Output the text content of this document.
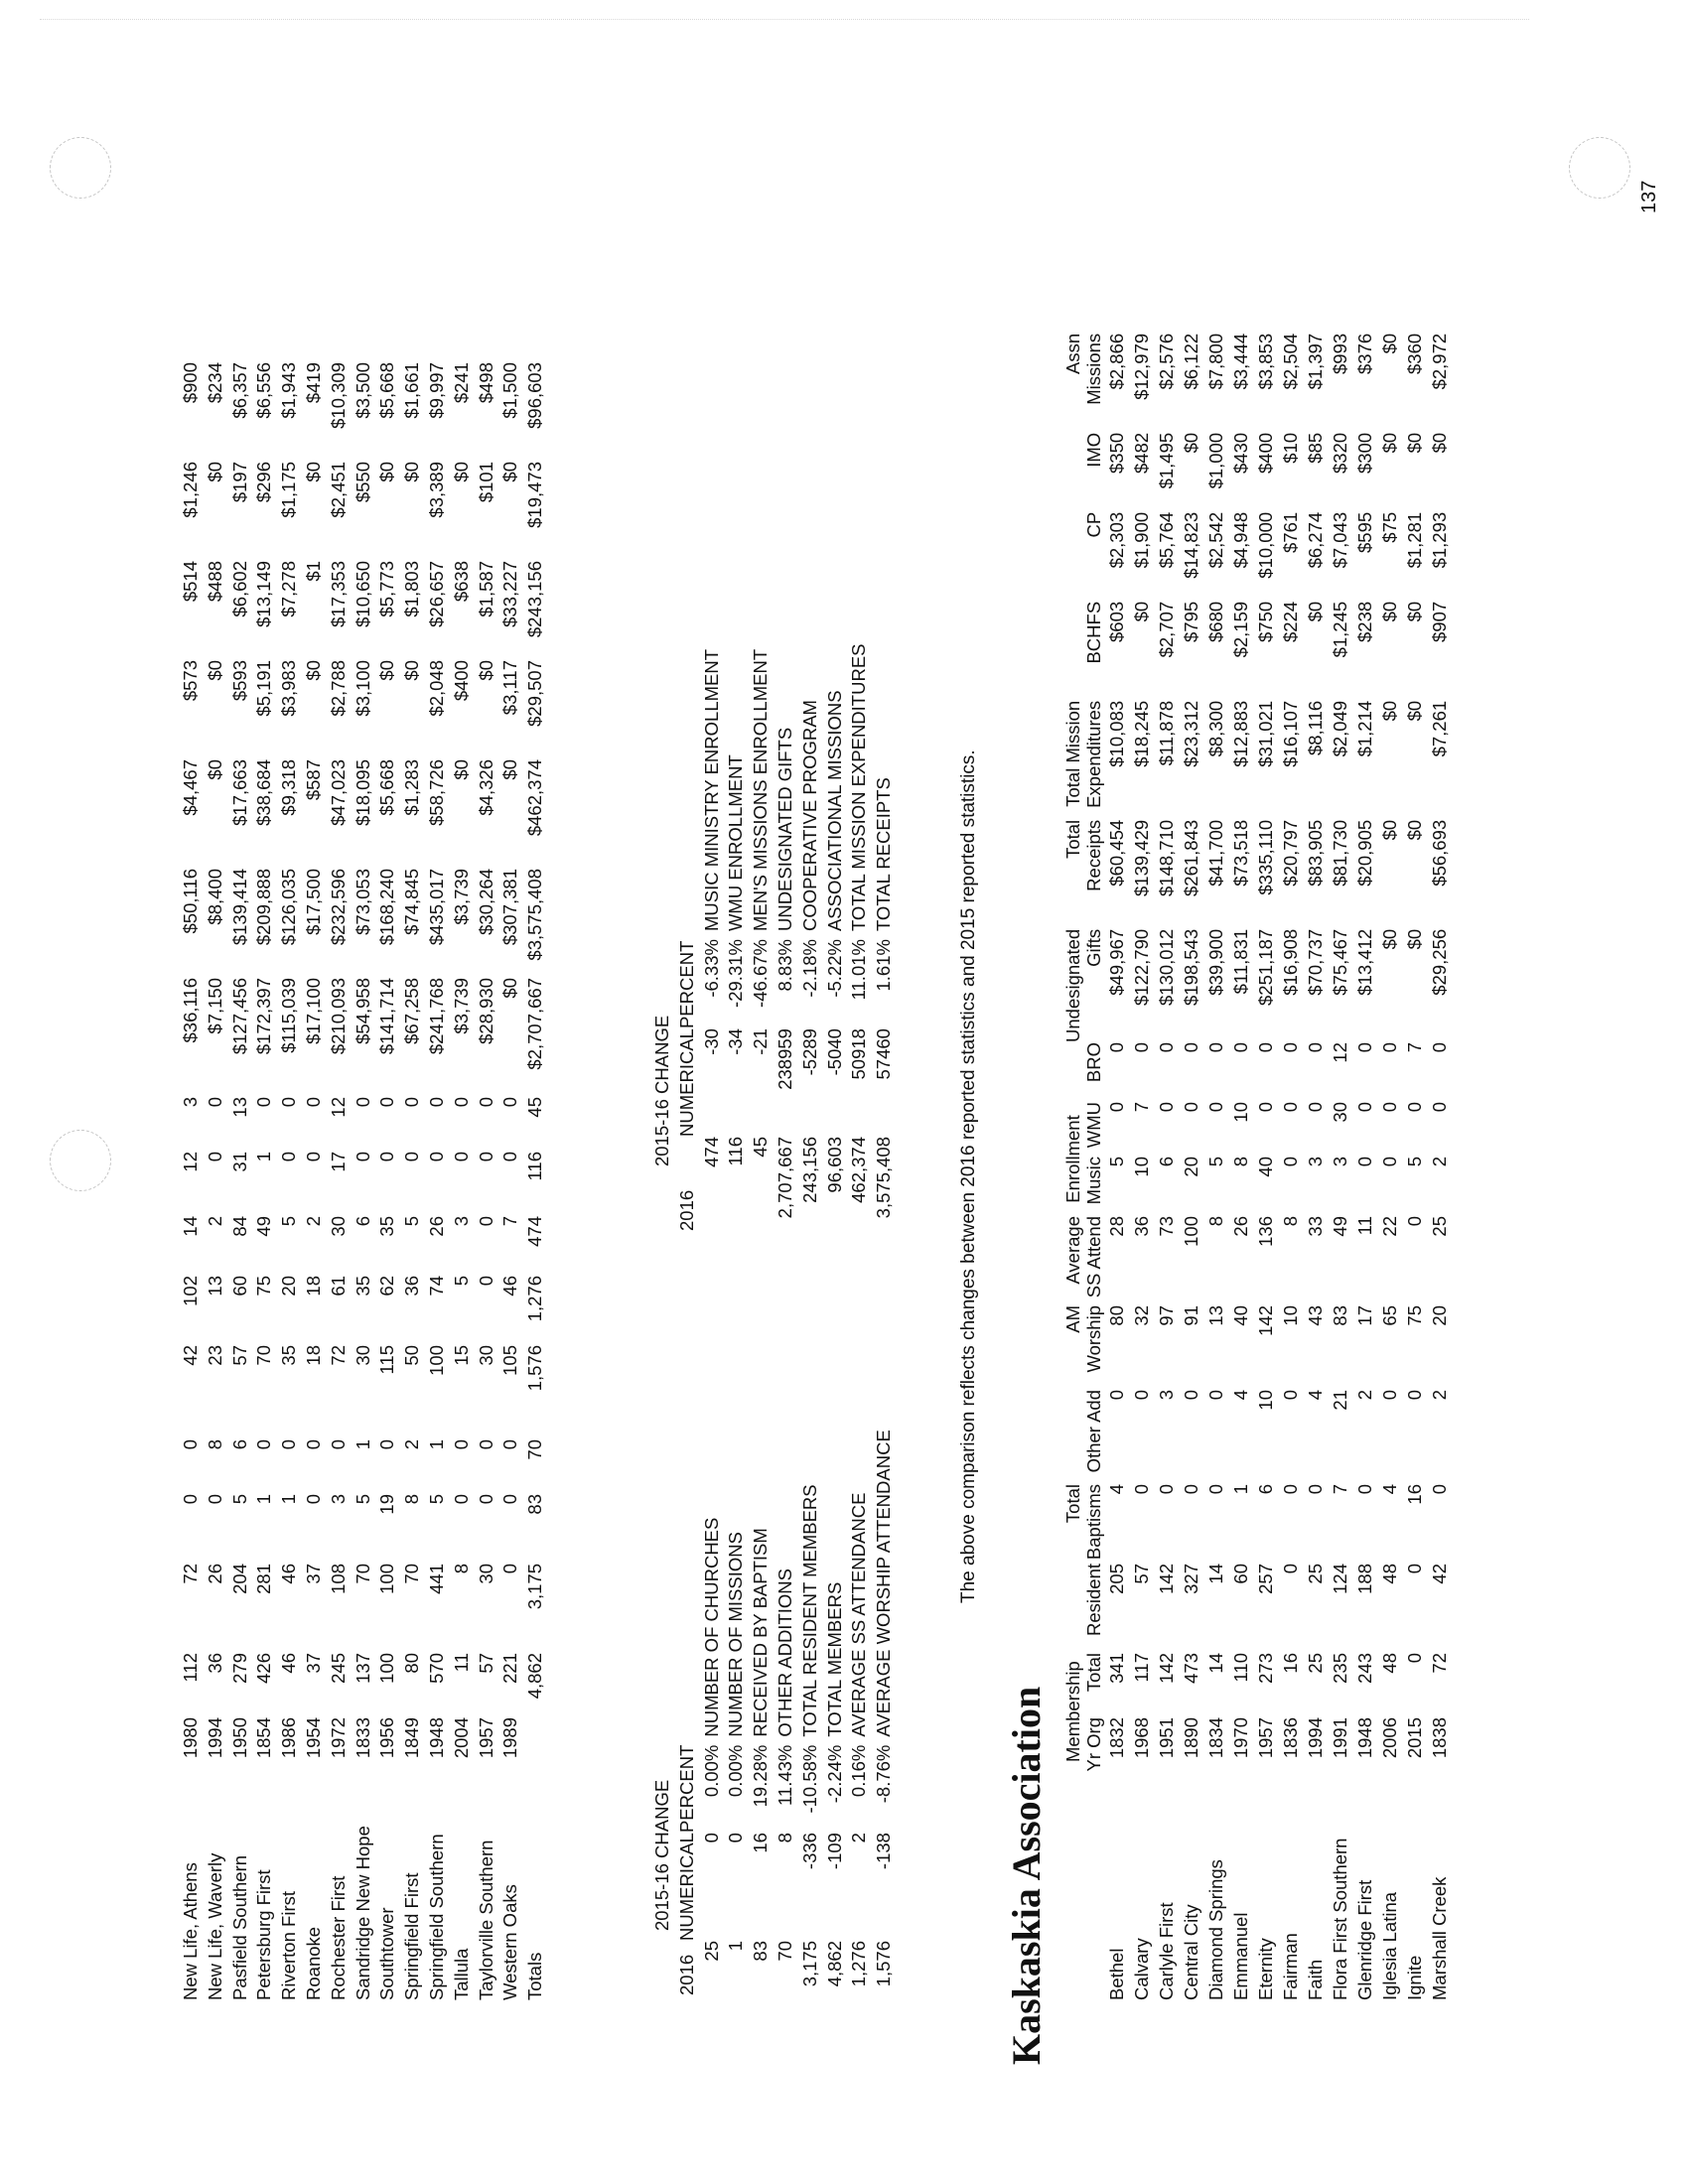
137
New Life, Athens	1980	112	72	0	0	42	102	14	12	3	$36,116	$50,116	$4,467	$573	$514	$1,246	$900
New Life, Waverly	1994	36	26	0	8	23	13	2	0	0	$7,150	$8,400	$0	$0	$488	$0	$234
Pasfield Southern	1950	279	204	5	6	57	60	84	31	13	$127,456	$139,414	$17,663	$593	$6,602	$197	$6,357
Petersburg First	1854	426	281	1	0	70	75	49	1	0	$172,397	$209,888	$38,684	$5,191	$13,149	$296	$6,556
Riverton First	1986	46	46	1	0	35	20	5	0	0	$115,039	$126,035	$9,318	$3,983	$7,278	$1,175	$1,943
Roanoke	1954	37	37	0	0	18	18	2	0	0	$17,100	$17,500	$587	$0	$1	$0	$419
Rochester First	1972	245	108	3	0	72	61	30	17	12	$210,093	$232,596	$47,023	$2,788	$17,353	$2,451	$10,309
Sandridge New Hope	1833	137	70	5	1	30	35	6	0	0	$54,958	$73,053	$18,095	$3,100	$10,650	$550	$3,500
Southtower	1956	100	100	19	0	115	62	35	0	0	$141,714	$168,240	$5,668	$0	$5,773	$0	$5,668
Springfield First	1849	80	70	8	2	50	36	5	0	0	$67,258	$74,845	$1,283	$0	$1,803	$0	$1,661
Springfield Southern	1948	570	441	5	1	100	74	26	0	0	$241,768	$435,017	$58,726	$2,048	$26,657	$3,389	$9,997
Tallula	2004	11	8	0	0	15	5	3	0	0	$3,739	$3,739	$0	$400	$638	$0	$241
Taylorville Southern	1957	57	30	0	0	30	0	0	0	0	$28,930	$30,264	$4,326	$0	$1,587	$101	$498
Western Oaks	1989	221	0	0	0	105	46	7	0	0	$0	$307,381	$0	$3,117	$33,227	$0	$1,500
Totals		4,862	3,175	83	70	1,576	1,276	474	116	45	$2,707,667	$3,575,408	$462,374	$29,507	$243,156	$19,473	$96,603
2015-16 CHANGE
2016	NUMERICAL	PERCENT	
25	0	0.00%	NUMBER OF CHURCHES
1	0	0.00%	NUMBER OF MISSIONS
83	16	19.28%	RECEIVED BY BAPTISM
70	8	11.43%	OTHER ADDITIONS
3,175	-336	-10.58%	TOTAL RESIDENT MEMBERS
4,862	-109	-2.24%	TOTAL MEMBERS
1,276	2	0.16%	AVERAGE SS ATTENDANCE
1,576	-138	-8.76%	AVERAGE WORSHIP ATTENDANCE
2015-16 CHANGE
2016	NUMERICAL	PERCENT	
474	-30	-6.33%	MUSIC MINISTRY ENROLLMENT
116	-34	-29.31%	WMU ENROLLMENT
45	-21	-46.67%	MEN'S MISSIONS ENROLLMENT
2,707,667	238959	8.83%	UNDESIGNATED GIFTS
243,156	-5289	-2.18%	COOPERATIVE PROGRAM
96,603	-5040	-5.22%	ASSOCIATIONAL MISSIONS
462,374	50918	11.01%	TOTAL MISSION EXPENDITURES
3,575,408	57460	1.61%	TOTAL RECEIPTS	The above comparison reflects changes between 2016 reported statistics and 2015 reported statistics.
Kaskaskia Association
	Membership			Total		AM	Average	Enrollment			Undesignated	Total	Total Mission				Assn
	Yr Org	Total	Resident	Baptisms	Other Add	Worship	SS Attend	Music	WMU	BRO	Gifts	Receipts	Expenditures	BCHFS	CP	IMO	Missions
Bethel	1832	341	205	4	0	80	28	5	0	0	$49,967	$60,454	$10,083	$603	$2,303	$350	$2,866
Calvary	1968	117	57	0	0	32	36	10	7	0	$122,790	$139,429	$18,245	$0	$1,900	$482	$12,979
Carlyle First	1951	142	142	0	3	97	73	6	0	0	$130,012	$148,710	$11,878	$2,707	$5,764	$1,495	$2,576
Central City	1890	473	327	0	0	91	100	20	0	0	$198,543	$261,843	$23,312	$795	$14,823	$0	$6,122
Diamond Springs	1834	14	14	0	0	13	8	5	0	0	$39,900	$41,700	$8,300	$680	$2,542	$1,000	$7,800
Emmanuel	1970	110	60	1	4	40	26	8	10	0	$11,831	$73,518	$12,883	$2,159	$4,948	$430	$3,444
Eternity	1957	273	257	6	10	142	136	40	0	0	$251,187	$335,110	$31,021	$750	$10,000	$400	$3,853
Fairman	1836	16	0	0	0	10	8	0	0	0	$16,908	$20,797	$16,107	$224	$761	$10	$2,504
Faith	1994	25	25	0	4	43	33	3	0	0	$70,737	$83,905	$8,116	$0	$6,274	$85	$1,397
Flora First Southern	1991	235	124	7	21	83	49	3	30	12	$75,467	$81,730	$2,049	$1,245	$7,043	$320	$993
Glenridge First	1948	243	188	0	2	17	11	0	0	0	$13,412	$20,905	$1,214	$238	$595	$300	$376
Iglesia Latina	2006	48	48	4	0	65	22	0	0	0	$0	$0	$0	$0	$75	$0	$0
Ignite	2015	0	0	16	0	75	0	5	0	7	$0	$0	$0	$0	$1,281	$0	$360
Marshall Creek	1838	72	42	0	2	20	25	2	0	0	$29,256	$56,693	$7,261	$907	$1,293	$0	$2,972
